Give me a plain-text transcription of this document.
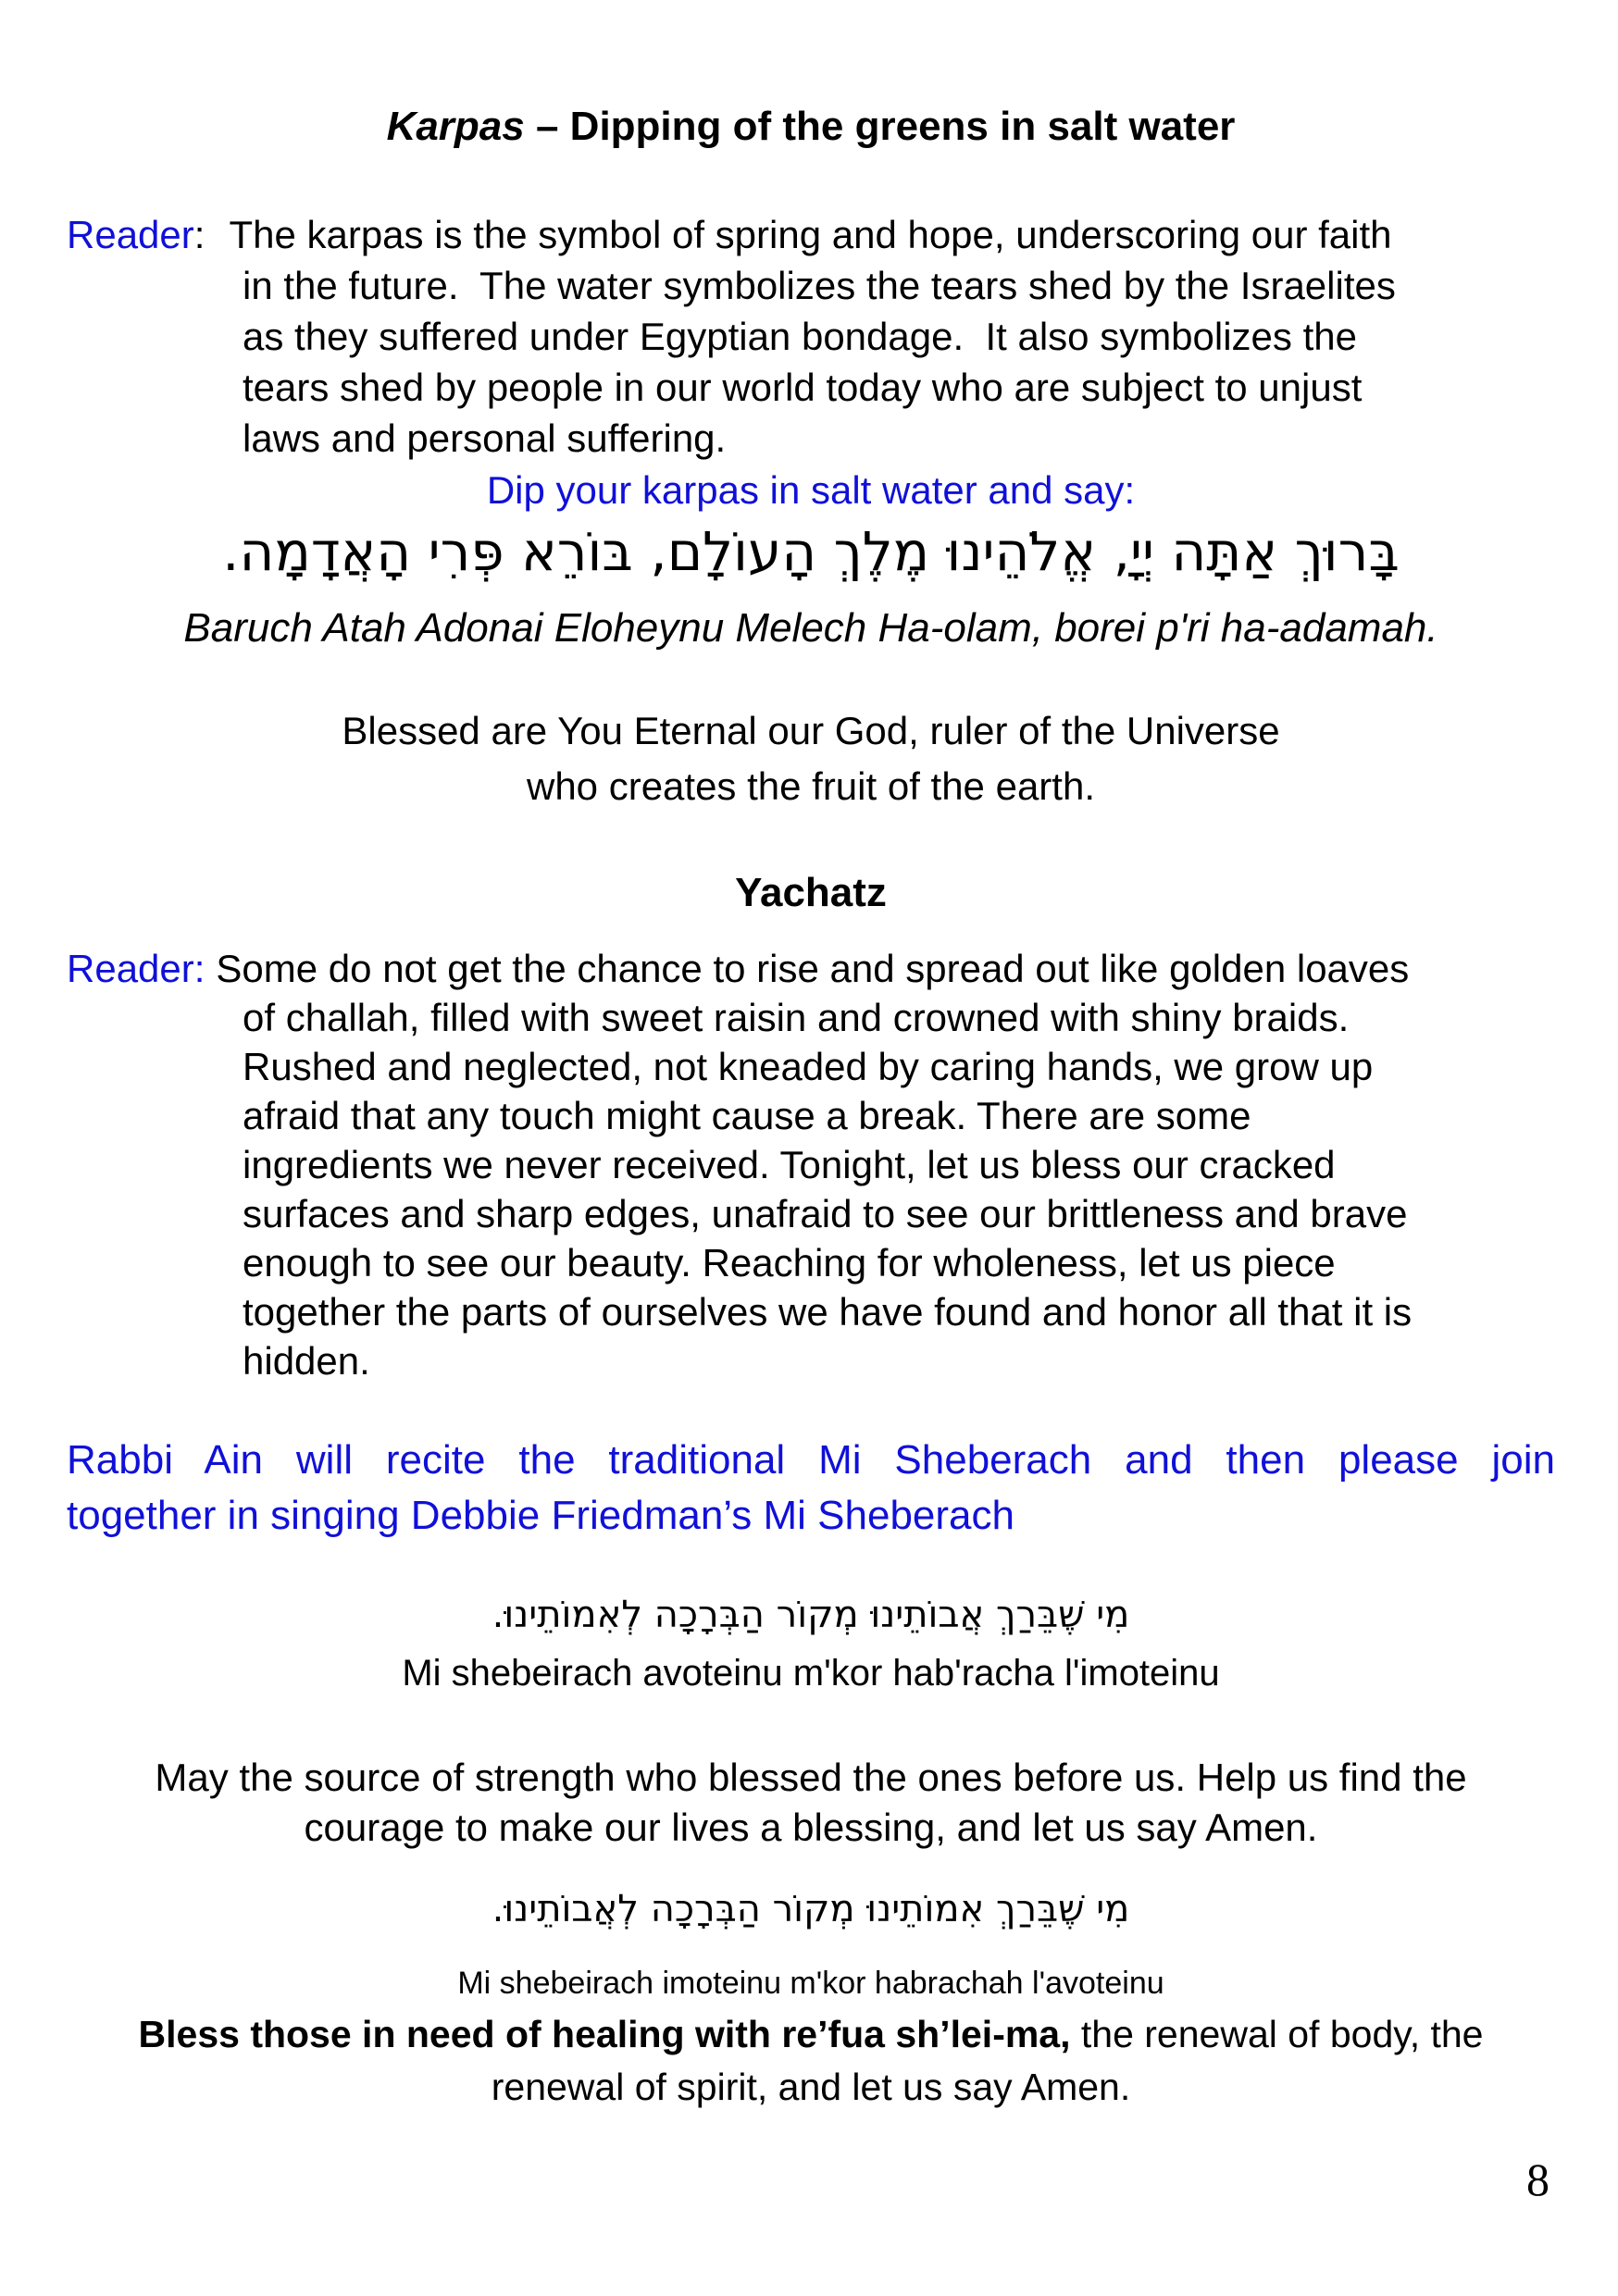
Karpas – Dipping of the greens in salt water
Reader: The karpas is the symbol of spring and hope, underscoring our faith
in the future.  The water symbolizes the tears shed by the Israelites
as they suffered under Egyptian bondage.  It also symbolizes the
tears shed by people in our world today who are subject to unjust
laws and personal suffering.
Dip your karpas in salt water and say:
בָּרוּךְ אַתָּה יְיָ, אֱלֹהֵינוּ מֶלֶךְ הָעוֹלָם, בּוֹרֵא פְּרִי הָאֲדָמָה.
Baruch Atah Adonai Eloheynu Melech Ha-olam, borei p'ri ha-adamah.
Blessed are You Eternal our God, ruler of the Universe
who creates the fruit of the earth.
Yachatz
Reader: Some do not get the chance to rise and spread out like golden loaves
of challah, filled with sweet raisin and crowned with shiny braids.
Rushed and neglected, not kneaded by caring hands, we grow up
afraid that any touch might cause a break. There are some
ingredients we never received. Tonight, let us bless our cracked
surfaces and sharp edges, unafraid to see our brittleness and brave
enough to see our beauty. Reaching for wholeness, let us piece
together the parts of ourselves we have found and honor all that it is
hidden.
Rabbi Ain will recite the traditional Mi Sheberach and then please join
together in singing Debbie Friedman’s Mi Sheberach
מִי שֶׁבֵּרַךְ אֲבוֹתֵינוּ מְקוֹר הַבְּרָכָה לְאִמוֹתֵינוּ.
Mi shebeirach avoteinu m'kor hab'racha l'imoteinu
May the source of strength who blessed the ones before us. Help us find the
courage to make our lives a blessing, and let us say Amen.
מִי שֶׁבֵּרַךְ אִמוֹתֵינוּ מְקוֹר הַבְּרָכָה לְאֲבוֹתֵינוּ.
Mi shebeirach imoteinu m'kor habrachah l'avoteinu
Bless those in need of healing with re’fua sh’lei-ma, the renewal of body, the
renewal of spirit, and let us say Amen.
8
